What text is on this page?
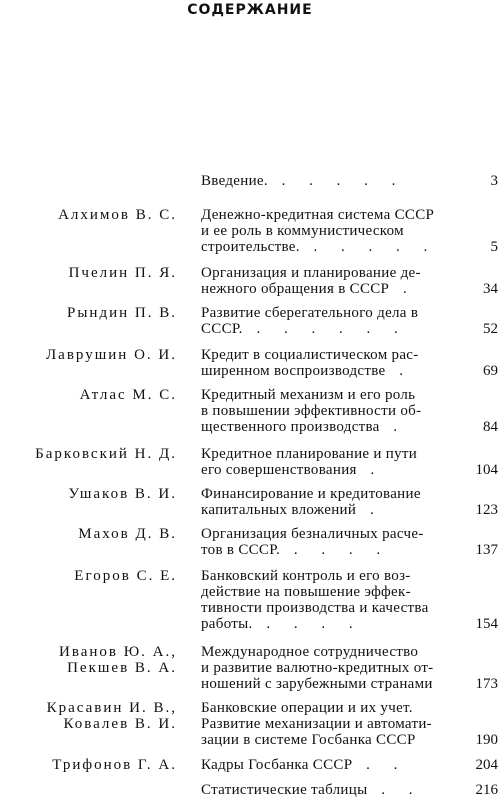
СОДЕРЖАНИЕ
Введение. . . . . .	3
Алхимов В. С. Денежно-кредитная система СССР
и ее роль в коммунистическом
строительстве. . . . . .	5
Пчелин П. Я. Организация и планирование де-
нежного обращения в СССР .	34
Рындин П. В. Развитие сберегательного дела в
СССР. . . . . . .	52
Лаврушин О. И. Кредит в социалистическом рас-
ширенном воспроизводстве .	69
Атлас М. С. Кредитный механизм и его роль
в повышении эффективности об-
щественного производства .	84
Барковский Н. Д. Кредитное планирование и пути
его совершенствования .	104
Ушаков В. И. Финансирование и кредитование
капитальных вложений .	123
Махов Д. В. Организация безналичных расче-
тов в СССР. . . . .	137
Егоров С. Е. Банковский контроль и его воз-
действие на повышение эффек-
тивности производства и качества
работы. . . . .	154
Иванов Ю. А.,
Пекшев В. А.
Международное сотрудничество
и развитие валютно-кредитных от-
ношений с зарубежными странами	173
Красавин И. В.,
Ковалев В. И.
Банковские операции и их учет.
Развитие механизации и автомати-
зации в системе Госбанка СССР	190
Трифонов Г. А. Кадры Госбанка СССР . .	204
Статистические таблицы . .	216
